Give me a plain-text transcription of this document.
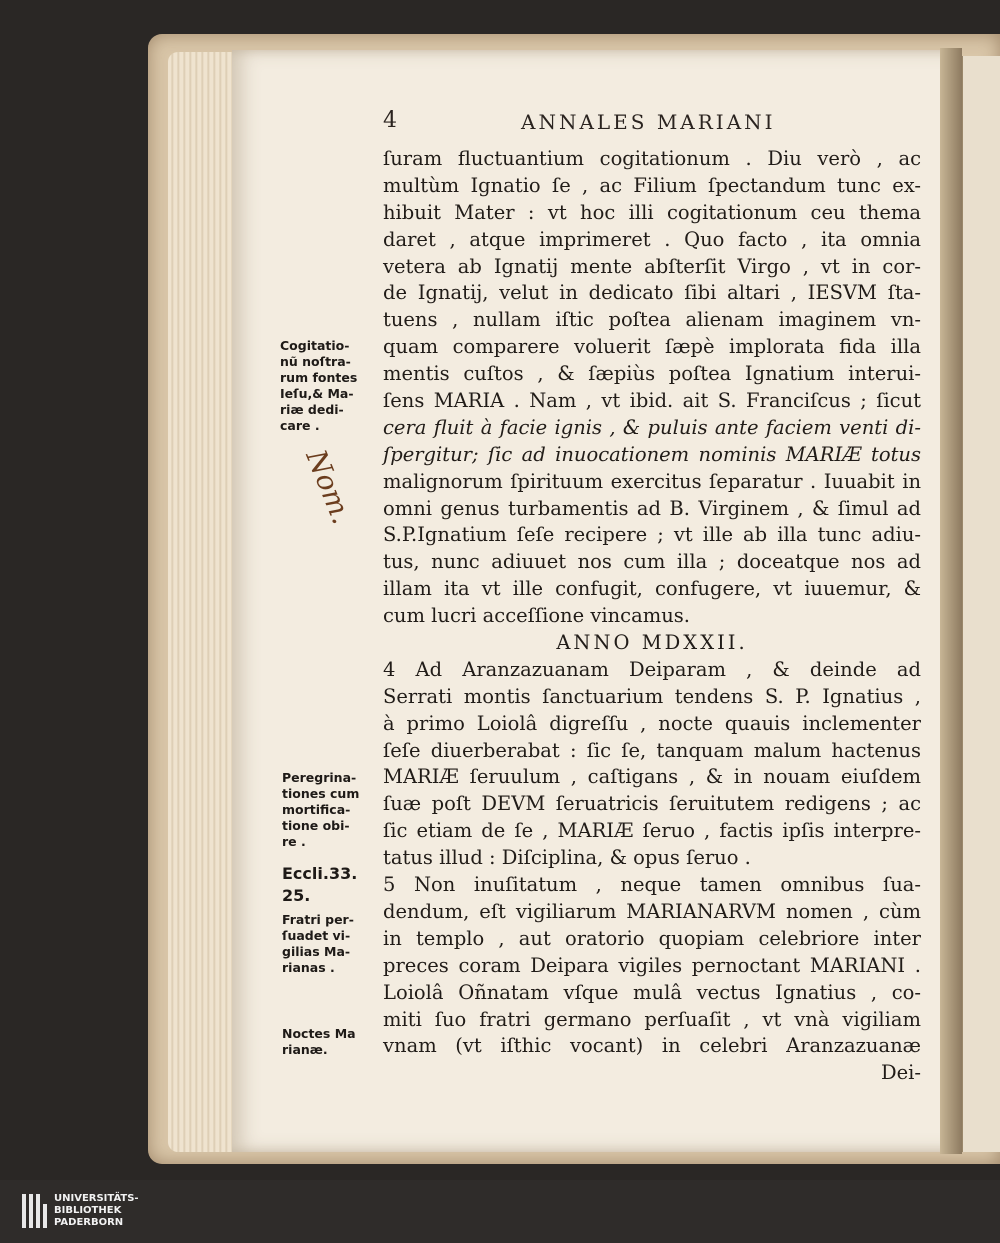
4	ANNALES MARIANI
ſuram fluctuantium cogitationum . Diu verò , ac
multùm Ignatio ſe , ac Filium ſpectandum tunc ex-
hibuit Mater : vt hoc illi cogitationum ceu thema
daret , atque imprimeret . Quo facto , ita omnia
vetera ab Ignatij mente abſterſit Virgo , vt in cor-
de Ignatij, velut in dedicato ſibi altari , IESVM ſta-
tuens , nullam iſtic poſtea alienam imaginem vn-
quam comparere voluerit ſæpè implorata fida illa
mentis cuſtos , & ſæpiùs poſtea Ignatium interui-
ſens MARIA . Nam , vt ibid. ait S. Franciſcus ; ſicut
cera fluit à facie ignis , & puluis ante faciem venti di-
ſpergitur; ſic ad inuocationem nominis MARIÆ totus
malignorum ſpirituum exercitus ſeparatur . Iuuabit in
omni genus turbamentis ad B. Virginem , & ſimul ad
S.P.Ignatium ſeſe recipere ; vt ille ab illa tunc adiu-
tus, nunc adiuuet nos cum illa ; doceatque nos ad
illam ita vt ille confugit, confugere, vt iuuemur, &
cum lucri acceſſione vincamus.
ANNO MDXXII.
4 Ad Aranzazuanam Deiparam , & deinde ad
Serrati montis ſanctuarium tendens S. P. Ignatius ,
à primo Loiolâ digreſſu , nocte quauis inclementer
ſeſe diuerberabat : ſic ſe, tanquam malum hactenus
MARIÆ ſeruulum , caſtigans , & in nouam eiuſdem
ſuæ poſt DEVM ſeruatricis ſeruitutem redigens ; ac
ſic etiam de ſe , MARIÆ ſeruo , factis ipſis interpre-
tatus illud : Diſciplina, & opus ſeruo .
5 Non inuſitatum , neque tamen omnibus ſua-
dendum, eſt vigiliarum MARIANARVM nomen , cùm
in templo , aut oratorio quopiam celebriore inter
preces coram Deipara vigiles pernoctant MARIANI .
Loiolâ Oñnatam vſque mulâ vectus Ignatius , co-
miti ſuo fratri germano perſuaſit , vt vnà vigiliam
vnam (vt iſthic vocant) in celebri Aranzazuanæ
Dei-
Cogitatio-
nũ noſtra-
rum fontes
Ieſu,& Ma-
riæ dedi-
care .
Nom.
Peregrina-
tiones cum
mortifica-
tione obi-
re .
Eccli.33.
25.
Fratri per-
ſuadet vi-
gilias Ma-
rianas .
Noctes Ma
rianæ.
UNIVERSITÄTS-
BIBLIOTHEK
PADERBORN
